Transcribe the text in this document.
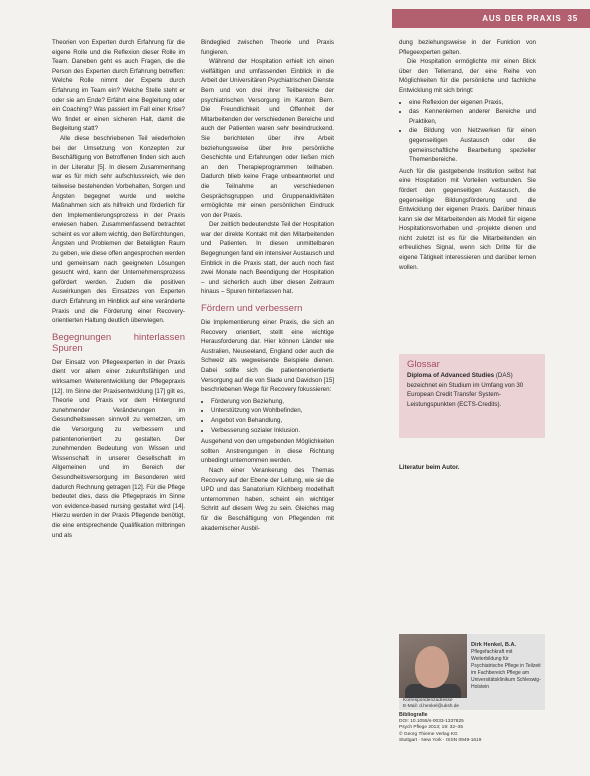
AUS DER PRAXIS 35

Theorien von Experten durch Erfahrung für die eigene Rolle und die Reflexion dieser Rolle im Team. Daneben geht es auch Fragen, die die Person des Experten durch Erfahrung betreffen: Welche Rolle nimmt der Experte durch Erfahrung im Team ein? Welche Stelle steht er oder sie am Ende? Erfährt eine Begleitung oder ein Coaching? Was passiert im Fall einer Krise? Wo findet er einen sicheren Halt, damit die Begleitung statt?

Alle diese beschriebenen Teil wiederholen bei der Umsetzung von Konzepten zur Beschäftigung von Betroffenen finden sich auch in der Literatur [5]. In diesem Zusammenhang war es für mich sehr aufschlussreich, wie den teilweise bestehenden Vorbehalten, Sorgen und Ängsten begegnet wurde und welche Maßnahmen sich als hilfreich und förderlich für den Implementierungsprozess in der Praxis erwiesen haben. Zusammenfassend betrachtet scheint es vor allem wichtig, den Befürchtungen, Ängsten und Problemen der Beteiligten Raum zu geben, wie diese offen angesprochen werden und gemeinsam nach geeigneten Lösungen gesucht wird, kann der Unternehmensprozess gefördert werden. Zudem die positiven Auswirkungen des Einsatzes von Experten durch Erfahrung im Hinblick auf eine veränderte Praxis und die Förderung einer Recovery-orientierten Haltung deutlich überwiegen.

Begegnungen hinterlassen Spuren

Der Einsatz von Pflegeexperten in der Praxis dient vor allem einer zukunftsfähigen und wirksamen Weiterentwicklung der Pflegepraxis [12]. Im Sinne der Praxisentwicklung [17] gilt es, Theorie und Praxis vor dem Hintergrund zunehmender Veränderungen im Gesundheitswesen sinnvoll zu vernetzen, um die Versorgung zu verbessern und patientenorientiert zu gestalten. Der zunehmenden Bedeutung von Wissen und Wissenschaft in unserer Gesellschaft im Allgemeinen und im Bereich der Gesundheitsversorgung im Besonderen wird dadurch Rechnung getragen [12]. Für die Pflege bedeutet dies, dass die Pflegepraxis im Sinne von evidence-based nursing gestaltet wird [14]. Hierzu werden in der Praxis Pflegende benötigt, die eine entsprechende Qualifikation mitbringen und als

Bindeglied zwischen Theorie und Praxis fungieren.

Während der Hospitation erhielt ich einen vielfältigen und umfassenden Einblick in die Arbeit der Universitären Psychiatrischen Dienste Bern und von drei ihrer Teilbereiche der psychiatrischen Versorgung im Kanton Bern. Die Freundlichkeit und Offenheit der Mitarbeitenden der verschiedenen Bereiche und auch der Patienten waren sehr beeindruckend. Sie berichteten über ihre Arbeit beziehungsweise über ihre persönliche Geschichte und Erfahrungen oder ließen mich an den Therapieprogrammen teilhaben. Dadurch blieb keine Frage unbeantwortet und die Teilnahme an verschiedenen Gesprächsgruppen und Gruppenaktivitäten ermöglichte mir einen persönlichen Eindruck von der Praxis.

Der zeitlich bedeutendste Teil der Hospitation war der direkte Kontakt mit den Mitarbeitenden und Patienten. In diesen unmittelbaren Begegnungen fand ein intensiver Austausch und Einblick in die Praxis statt, der auch noch fast zwei Monate nach Beendigung der Hospitation – und sicherlich auch über diesen Zeitraum hinaus – Spuren hinterlassen hat.

Fördern und verbessern

Die Implementierung einer Praxis, die sich an Recovery orientiert, stellt eine wichtige Herausforderung dar. Hier können Länder wie Australien, Neuseeland, England oder auch die Schweiz als wegweisende Beispiele dienen. Dabei sollte sich die patientenorientierte Versorgung auf die von Slade und Davidson [15] beschriebenen Wege für Recovery fokussieren:

• Förderung von Beziehung,
• Unterstützung von Wohlbefinden,
• Angebot von Behandlung,
• Verbesserung sozialer Inklusion.

Ausgehend von den umgebenden Möglichkeiten sollten Anstrengungen in diese Richtung unbedingt unternommen werden.

Nach einer Verankerung des Themas Recovery auf der Ebene der Leitung, wie sie die UPD und das Sanatorium Kilchberg modellhaft unternommen haben, scheint ein wichtiger Schritt auf diesem Weg zu sein. Gleiches mag für die Beschäftigung von Pflegenden mit akademischer Ausbil-

dung beziehungsweise in der Funktion von Pflegeexperten gelten.

Die Hospitation ermöglichte mir einen Blick über den Tellerrand, der eine Reihe von Möglichkeiten für die persönliche und fachliche Entwicklung mit sich bringt:

• eine Reflexion der eigenen Praxis,
• das Kennenlernen anderer Bereiche und Praktiken,
• die Bildung von Netzwerken für einen gegenseitigen Austausch oder die gemeinschaftliche Bearbeitung spezieller Themenbereiche.

Auch für die gastgebende Institution selbst hat eine Hospitation mit Vorteilen verbunden. Sie fördert den gegenseitigen Austausch, die gegenseitige Bildungsförderung und die Entwicklung der eigenen Praxis. Darüber hinaus kann sie der Mitarbeitenden als Modell für eigene Hospitationsvorhaben und -projekte dienen und nicht zuletzt ist es für die Mitarbeitenden ein erfreuliches Signal, wenn sich Dritte für die eigene Tätigkeit interessieren und darüber lernen wollen.

Glossar
Diploma of Advanced Studies (DAS) bezeichnet ein Studium im Umfang von 30 European Credit Transfer System-Leistungspunkten (ECTS-Credits).
Literatur beim Autor.
Dirk Henkel, B.A.
Pflegefachkraft mit Weiterbildung für Psychiatrische Pflege in Teilzeit im Fachbereich Pflege am Universitätsklinikum Schleswig-Holstein
Korrespondenzadresse
E-Mail: d.henkel@uksh.de
Bibliografie
DOI: 10.1055/s-0033-1337825
Psych Pflege 2013; 19: 32–35
© Georg Thieme Verlag KG
Stuttgart · New York · ISSN 0949-1619
